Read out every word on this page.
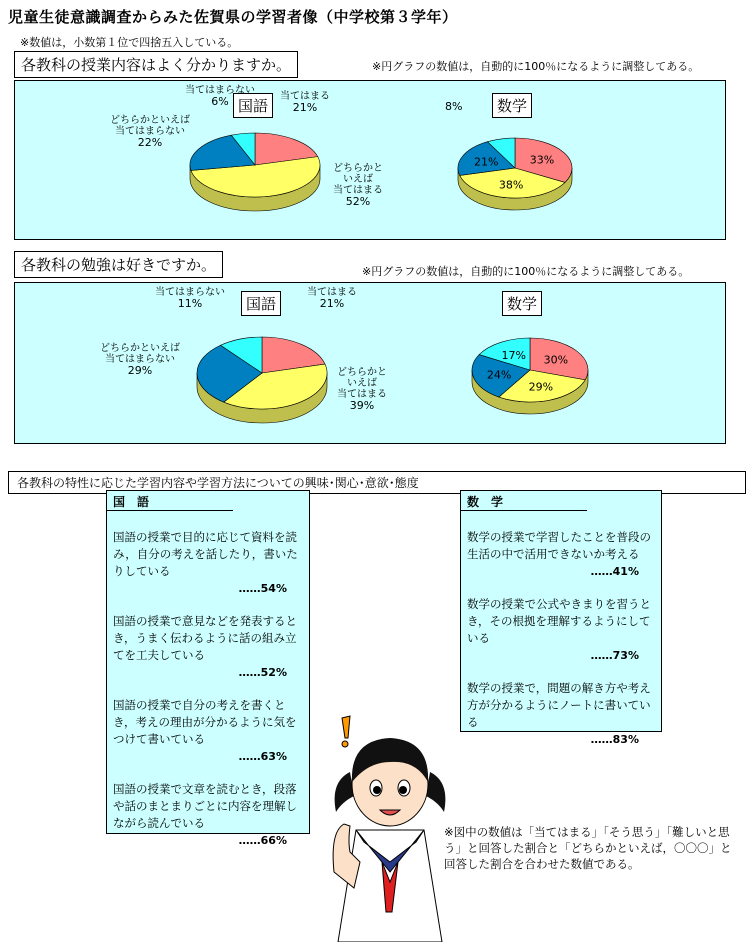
児童生徒意識調査からみた佐賀県の学習者像（中学校第３学年）
※数値は，小数第１位で四捨五入している。
各教科の授業内容はよく分かりますか。	※円グラフの数値は，自動的に100％になるように調整してある。
国語	数学
当てはまらない
6%
どちらかといえば
当てはまらない
22%
当てはまる
21%
どちらかと
いえば
当てはまる
52%
8%
各教科の勉強は好きですか。	※円グラフの数値は，自動的に100％になるように調整してある。
国語	数学
当てはまらない
11%
どちらかといえば
当てはまらない
29%
当てはまる
21%
どちらかと
いえば
当てはまる
39%
33%
38%
21%
30%
29%
24%
17%
各教科の特性に応じた学習内容や学習方法についての興味･関心･意欲･態度
国　語
国語の授業で目的に応じて資料を読み，自分の考えを話したり，書いたりしている
……54%
国語の授業で意見などを発表するとき，うまく伝わるように話の組み立てを工夫している
……52%
国語の授業で自分の考えを書くとき，考えの理由が分かるように気をつけて書いている
……63%
国語の授業で文章を読むとき，段落や話のまとまりごとに内容を理解しながら読んでいる
……66%
数　学
数学の授業で学習したことを普段の生活の中で活用できないか考える
……41%
数学の授業で公式やきまりを習うとき，その根拠を理解するようにしている
……73%
数学の授業で，問題の解き方や考え方が分かるようにノートに書いている
……83%
※図中の数値は「当てはまる」「そう思う」「難しいと思う」と回答した割合と「どちらかといえば，〇〇〇」と回答した割合を合わせた数値である。
